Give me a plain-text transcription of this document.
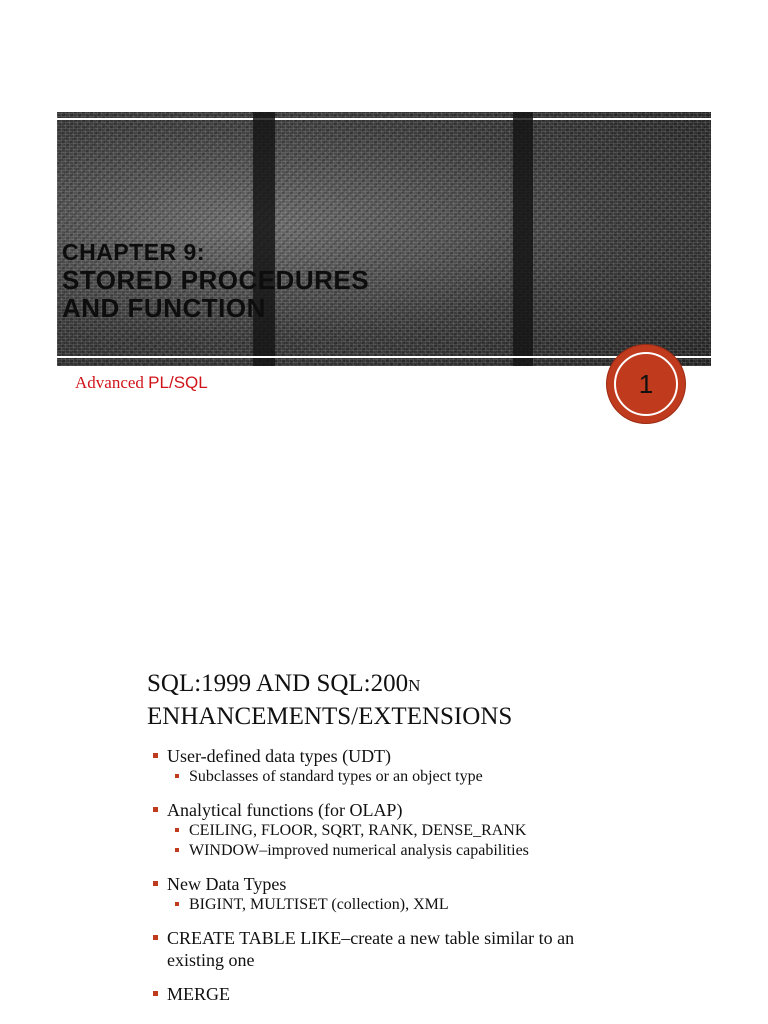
CHAPTER 9:
STORED PROCEDURES
AND FUNCTION
Advanced PL/SQL	1
SQL:1999 AND SQL:200N
ENHANCEMENTS/EXTENSIONS
User-defined data types (UDT)
Subclasses of standard types or an object type
Analytical functions (for OLAP)
CEILING, FLOOR, SQRT, RANK, DENSE_RANK
WINDOW–improved numerical analysis capabilities
New Data Types
BIGINT, MULTISET (collection), XML
CREATE TABLE LIKE–create a new table similar to an existing one
MERGE
